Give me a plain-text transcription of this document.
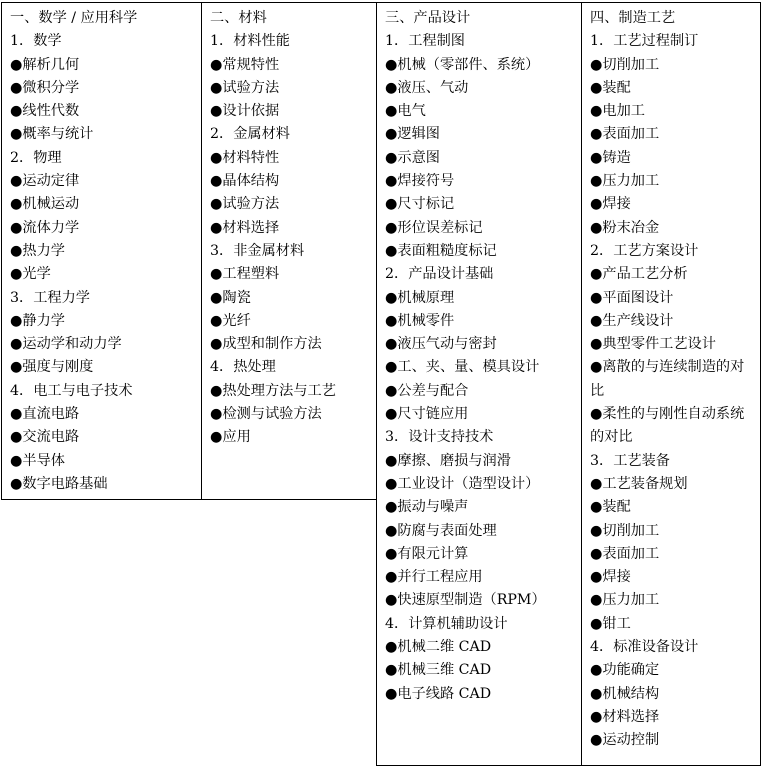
一、数学 / 应用科学
1．数学
●解析几何
●微积分学
●线性代数
●概率与统计
2．物理
●运动定律
●机械运动
●流体力学
●热力学
●光学
3．工程力学
●静力学
●运动学和动力学
●强度与刚度
4．电工与电子技术
●直流电路
●交流电路
●半导体
●数字电路基础
二、材料
1．材料性能
●常规特性
●试验方法
●设计依据
2．金属材料
●材料特性
●晶体结构
●试验方法
●材料选择
3．非金属材料
●工程塑料
●陶瓷
●光纤
●成型和制作方法
4．热处理
●热处理方法与工艺
●检测与试验方法
●应用
三、产品设计
1．工程制图
●机械（零部件、系统）
●液压、气动
●电气
●逻辑图
●示意图
●焊接符号
●尺寸标记
●形位误差标记
●表面粗糙度标记
2．产品设计基础
●机械原理
●机械零件
●液压气动与密封
●工、夹、量、模具设计
●公差与配合
●尺寸链应用
3．设计支持技术
●摩擦、磨损与润滑
●工业设计（造型设计）
●振动与噪声
●防腐与表面处理
●有限元计算
●并行工程应用
●快速原型制造（RPM）
4．计算机辅助设计
●机械二维 CAD
●机械三维 CAD
●电子线路 CAD
四、制造工艺
1．工艺过程制订
●切削加工
●装配
●电加工
●表面加工
●铸造
●压力加工
●焊接
●粉末冶金
2．工艺方案设计
●产品工艺分析
●平面图设计
●生产线设计
●典型零件工艺设计
●离散的与连续制造的对比
●柔性的与刚性自动系统的对比
3．工艺装备
●工艺装备规划
●装配
●切削加工
●表面加工
●焊接
●压力加工
●钳工
4．标准设备设计
●功能确定
●机械结构
●材料选择
●运动控制
